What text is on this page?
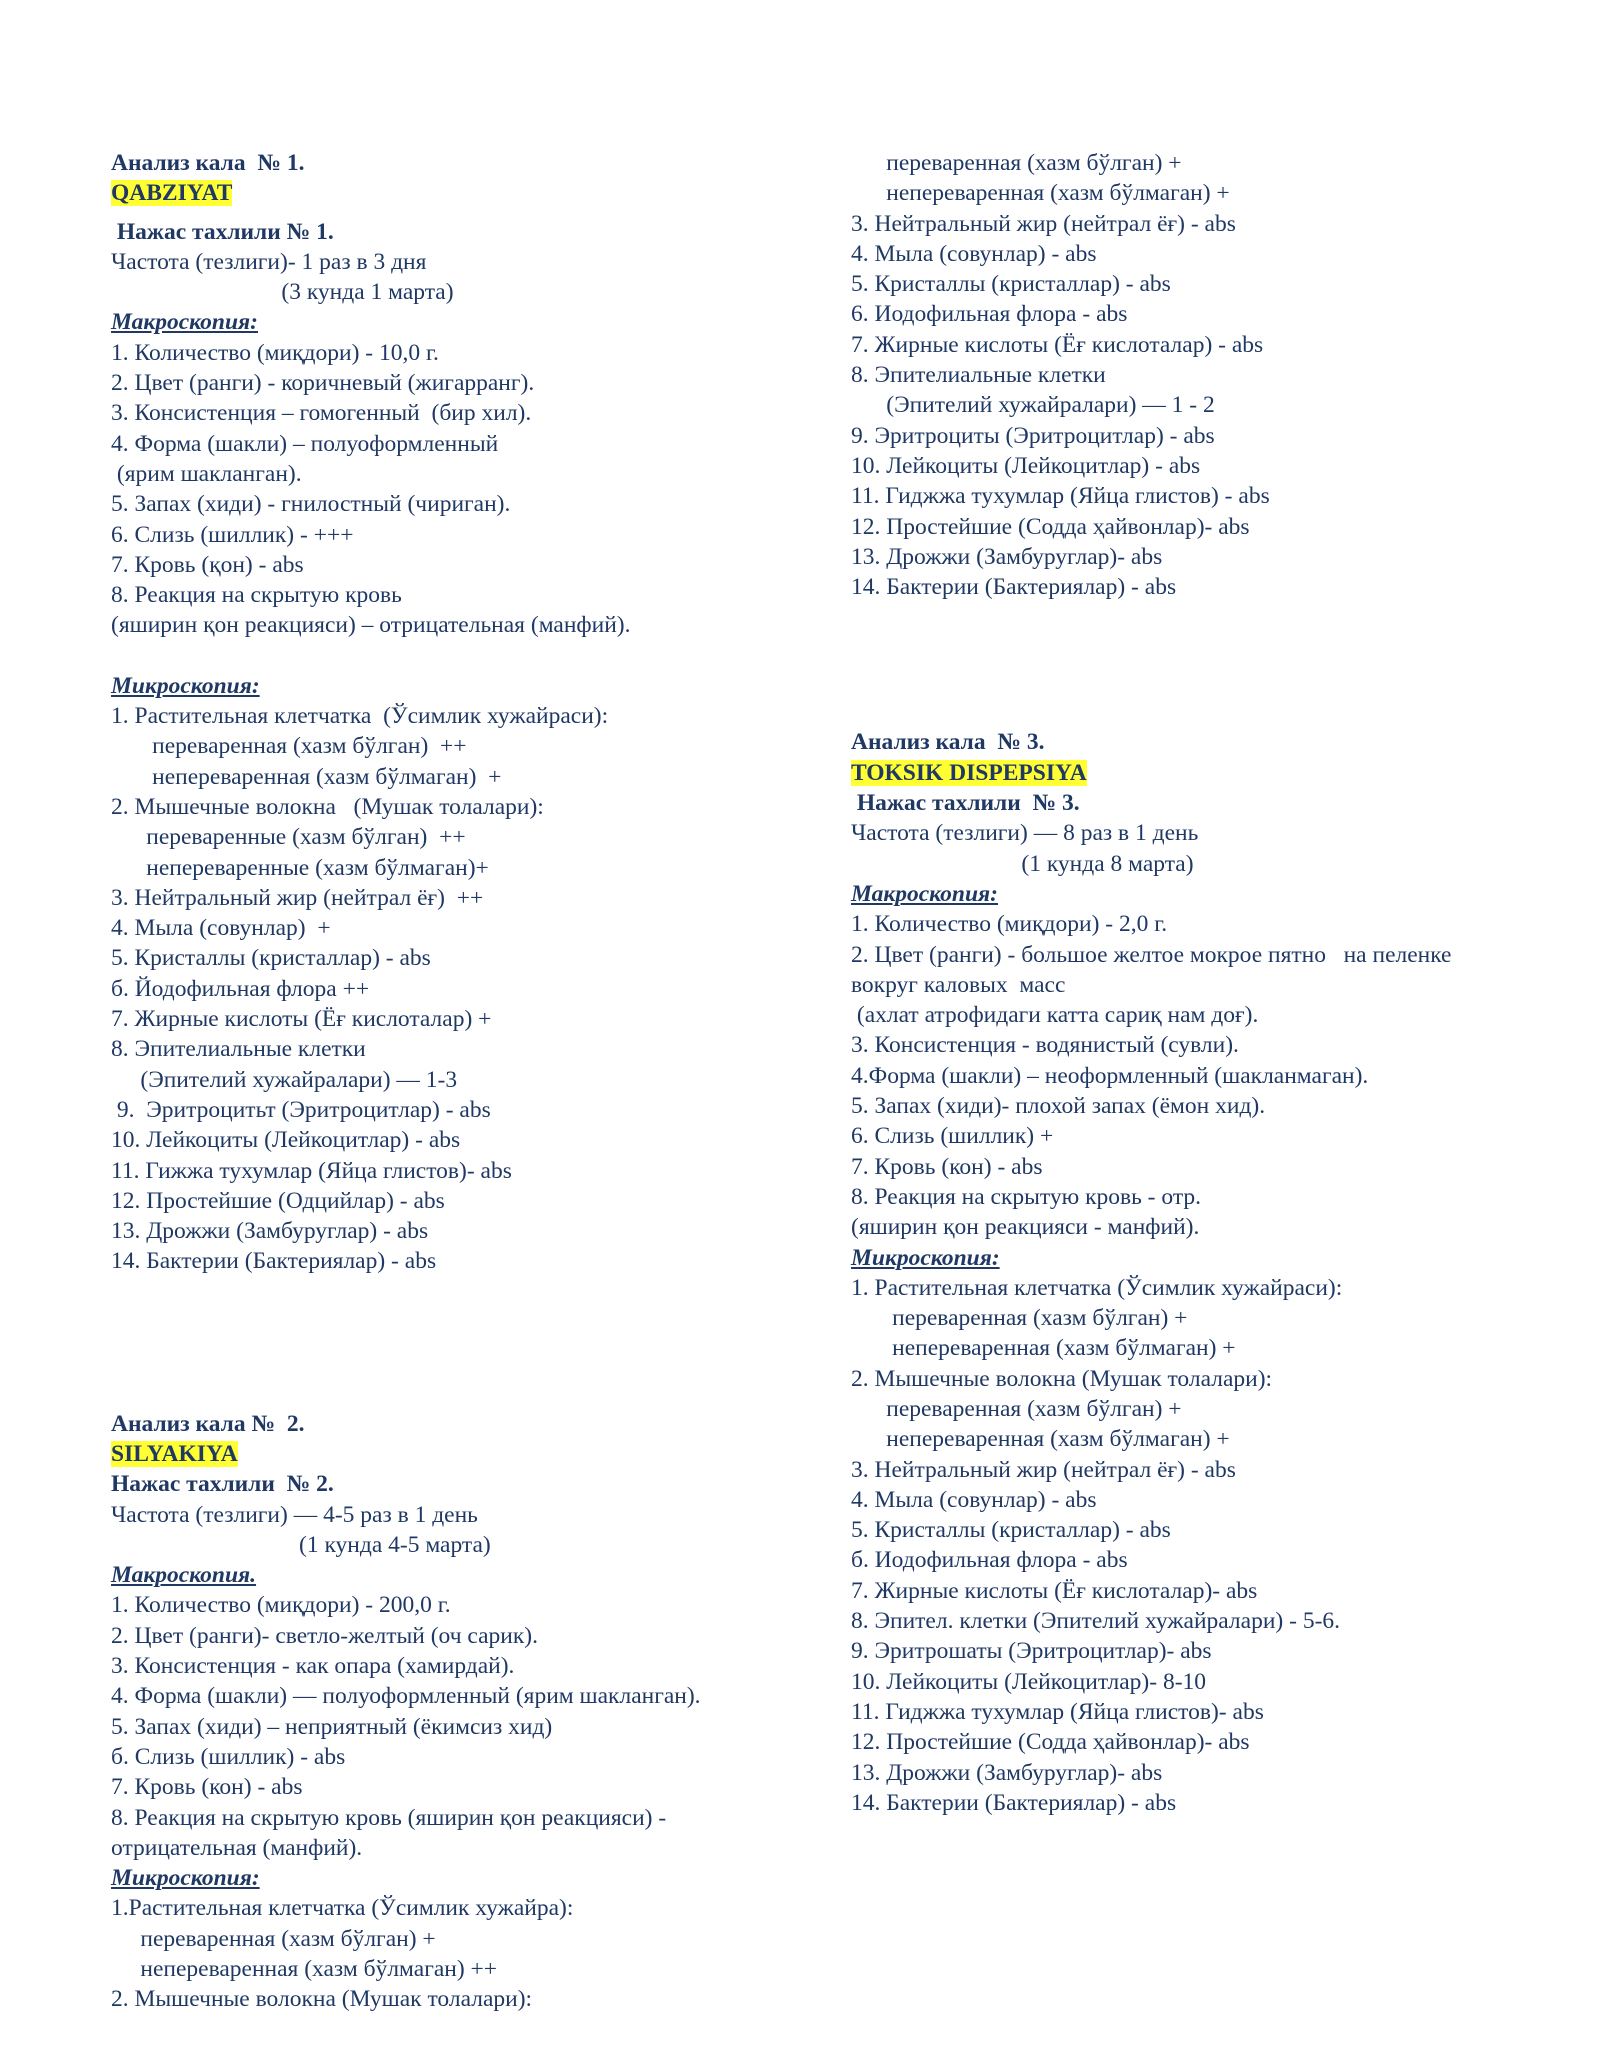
Анализ кала  № 1.
QABZIYAT
Нажас тахлили № 1.
Частота (тезлиги)- 1 раз в 3 дня
(3 кунда 1 марта)
Макроскопия:
1. Количество (миқдори) - 10,0 г.
2. Цвет (ранги) - коричневый (жигарранг).
3. Консистенция – гомогенный  (бир хил).
4. Форма (шакли) – полуоформленный
(ярим шакланган).
5. Запах (хиди) - гнилостный (чириган).
6. Слизь (шиллик) - +++
7. Кровь (қон) - abs
8. Реакция на скрытую кровь
(яширин қон реакцияси) – отрицательная (манфий).
Микроскопия:
1. Растительная клетчатка  (Ўсимлик хужайраси):
переваренная (хазм бўлган)  ++
непереваренная (хазм бўлмаган)  +
2. Мышечные волокна   (Мушак толалари):
переваренные (хазм бўлган)  ++
непереваренные (хазм бўлмаган)+
3. Нейтральный жир (нейтрал ёғ)  ++
4. Мыла (совунлар)  +
5. Кристаллы (кристаллар) - abs
б. Йодофильная флора ++
7. Жирные кислоты (Ёғ кислоталар) +
8. Эпителиальные клетки
(Эпителий хужайралари) — 1-3
9.  Эритроцитьт (Эритроцитлар) - abs
10. Лейкоциты (Лейкоцитлар) - abs
11. Гижжа тухумлар (Яйца глистов)- abs
12. Простейшие (Одцийлар) - abs
13. Дрожжи (Замбуруглар) - abs
14. Бактерии (Бактериялар) - abs
Анализ кала №  2.
SILYAKIYA
Нажас тахлили  № 2.
Частота (тезлиги) — 4-5 раз в 1 день
(1 кунда 4-5 марта)
Макроскопия.
1. Количество (миқдори) - 200,0 г.
2. Цвет (ранги)- светло-желтый (оч сарик).
3. Консистенция - как опара (хамирдай).
4. Форма (шакли) — полуоформленный (ярим шакланган).
5. Запах (хиди) – неприятный (ёкимсиз хид)
б. Слизь (шиллик) - abs
7. Кровь (кон) - abs
8. Реакция на скрытую кровь (яширин қон реакцияси) -
отрицательная (манфий).
Микроскопия:
1.Растительная клетчатка (Ўсимлик хужайра):
переваренная (хазм бўлган) +
непереваренная (хазм бўлмаган) ++
2. Мышечные волокна (Мушак толалари):
переваренная (хазм бўлган) +
непереваренная (хазм бўлмаган) +
3. Нейтральный жир (нейтрал ёғ) - abs
4. Мыла (совунлар) - abs
5. Кристаллы (кристаллар) - abs
6. Иодофильная флора - abs
7. Жирные кислоты (Ёғ кислоталар) - abs
8. Эпителиальные клетки
(Эпителий хужайралари) — 1 - 2
9. Эритроциты (Эритроцитлар) - abs
10. Лейкоциты (Лейкоцитлар) - abs
11. Гиджжа тухумлар (Яйца глистов) - abs
12. Простейшие (Содда ҳайвонлар)- abs
13. Дрожжи (Замбуруглар)- abs
14. Бактерии (Бактериялар) - abs
Анализ кала  № 3.
TOKSIK DISPEPSIYA
Нажас тахлили  № 3.
Частота (тезлиги) — 8 раз в 1 день
(1 кунда 8 марта)
Макроскопия:
1. Количество (миқдори) - 2,0 г.
2. Цвет (ранги) - большое желтое мокрое пятно   на пеленке
вокруг каловых  масс
(ахлат атрофидаги катта сариқ нам доғ).
3. Консистенция - водянистый (сувли).
4.Форма (шакли) – неоформленный (шакланмаган).
5. Запах (хиди)- плохой запах (ёмон хид).
6. Слизь (шиллик) +
7. Кровь (кон) - abs
8. Реакция на скрытую кровь - отр.
(яширин қон реакцияси - манфий).
Микроскопия:
1. Растительная клетчатка (Ўсимлик хужайраси):
переваренная (хазм бўлган) +
непереваренная (хазм бўлмаган) +
2. Мышечные волокна (Мушак толалари):
переваренная (хазм бўлган) +
непереваренная (хазм бўлмаган) +
3. Нейтральный жир (нейтрал ёғ) - abs
4. Мыла (совунлар) - abs
5. Кристаллы (кристаллар) - abs
б. Иодофильная флора - abs
7. Жирные кислоты (Ёғ кислоталар)- abs
8. Эпител. клетки (Эпителий хужайралари) - 5-6.
9. Эритрошаты (Эритроцитлар)- abs
10. Лейкоциты (Лейкоцитлар)- 8-10
11. Гиджжа тухумлар (Яйца глистов)- abs
12. Простейшие (Содда ҳайвонлар)- abs
13. Дрожжи (Замбуруглар)- abs
14. Бактерии (Бактериялар) - abs
